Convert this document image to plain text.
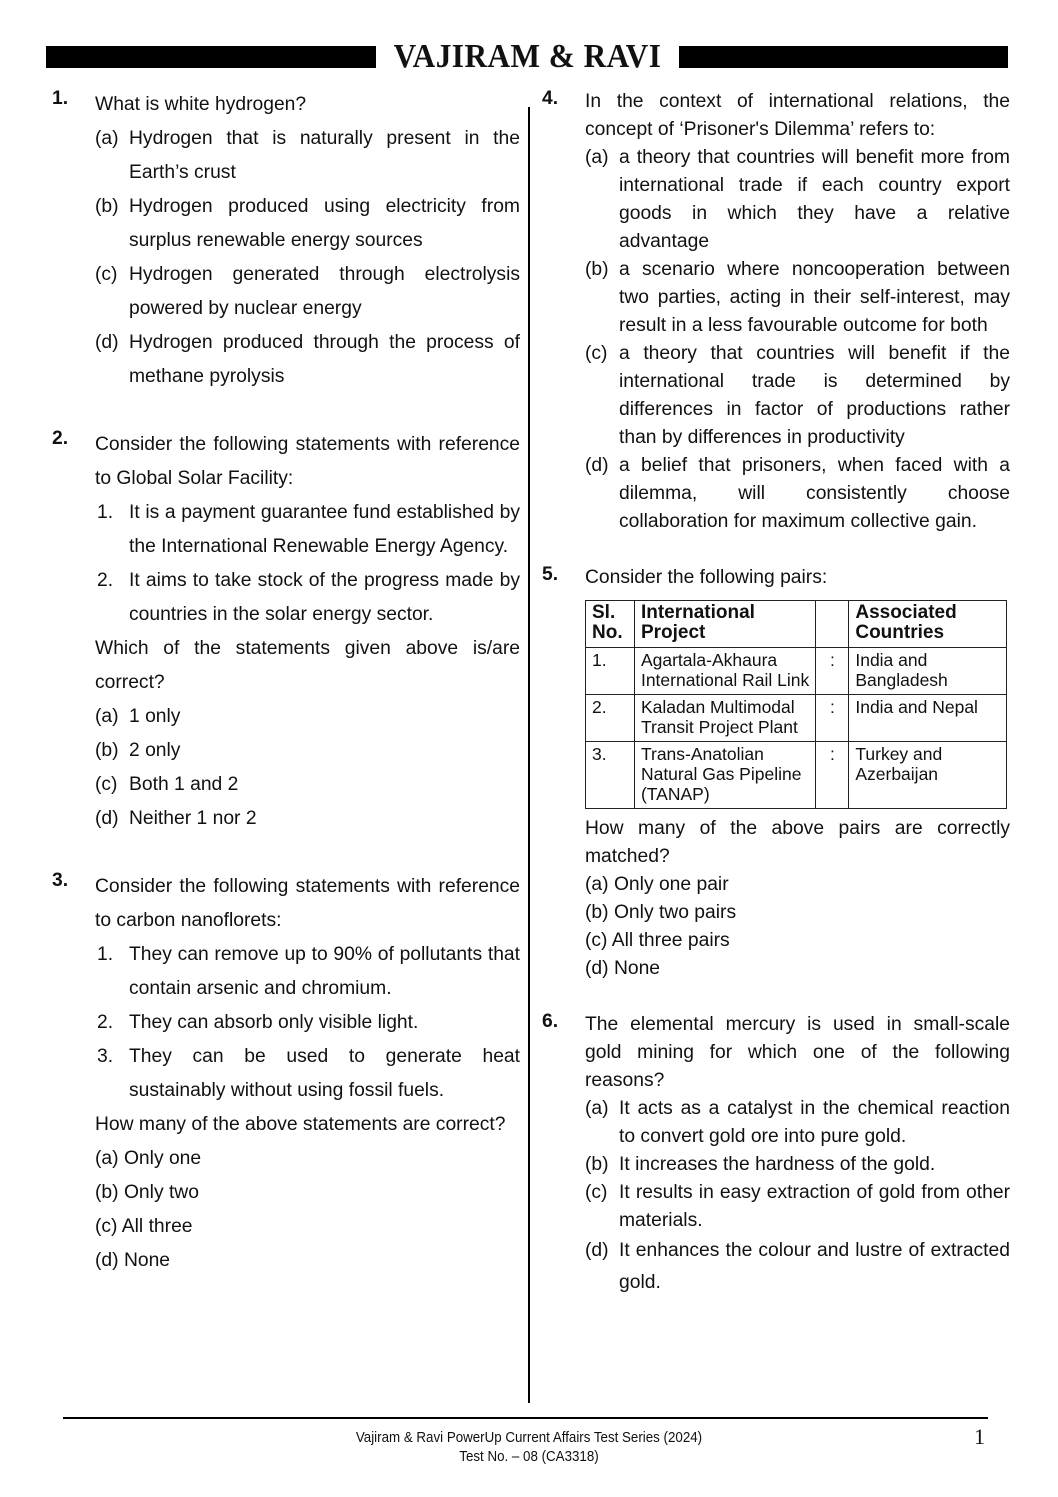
VAJIRAM & RAVI
1. What is white hydrogen?

(a) Hydrogen that is naturally present in the Earth’s crust
(b) Hydrogen produced using electricity from surplus renewable energy sources
(c) Hydrogen generated through electrolysis powered by nuclear energy
(d) Hydrogen produced through the process of methane pyrolysis
2. Consider the following statements with reference to Global Solar Facility:

1. It is a payment guarantee fund established by the International Renewable Energy Agency.
2. It aims to take stock of the progress made by countries in the solar energy sector.

Which of the statements given above is/are correct?

(a) 1 only
(b) 2 only
(c) Both 1 and 2
(d) Neither 1 nor 2
3. Consider the following statements with reference to carbon nanoflorets:

1. They can remove up to 90% of pollutants that contain arsenic and chromium.
2. They can absorb only visible light.
3. They can be used to generate heat sustainably without using fossil fuels.

How many of the above statements are correct?

(a) Only one
(b) Only two
(c) All three
(d) None
4. In the context of international relations, the concept of ‘Prisoner's Dilemma’ refers to:

(a) a theory that countries will benefit more from international trade if each country export goods in which they have a relative advantage
(b) a scenario where noncooperation between two parties, acting in their self-interest, may result in a less favourable outcome for both
(c) a theory that countries will benefit if the international trade is determined by differences in factor of productions rather than by differences in productivity
(d) a belief that prisoners, when faced with a dilemma, will consistently choose collaboration for maximum collective gain.
5. Consider the following pairs:

Sl. No.	International Project		Associated Countries
1.	Agartala-Akhaura International Rail Link	:	India and Bangladesh
2.	Kaladan Multimodal Transit Project Plant	:	India and Nepal
3.	Trans-Anatolian Natural Gas Pipeline (TANAP)	:	Turkey and Azerbaijan

How many of the above pairs are correctly matched?

(a) Only one pair
(b) Only two pairs
(c) All three pairs
(d) None
6. The elemental mercury is used in small-scale gold mining for which one of the following reasons?

(a) It acts as a catalyst in the chemical reaction to convert gold ore into pure gold.
(b) It increases the hardness of the gold.
(c) It results in easy extraction of gold from other materials.
(d) It enhances the colour and lustre of extracted gold.
Vajiram & Ravi PowerUp Current Affairs Test Series (2024)
Test No. – 08 (CA3318)
1
